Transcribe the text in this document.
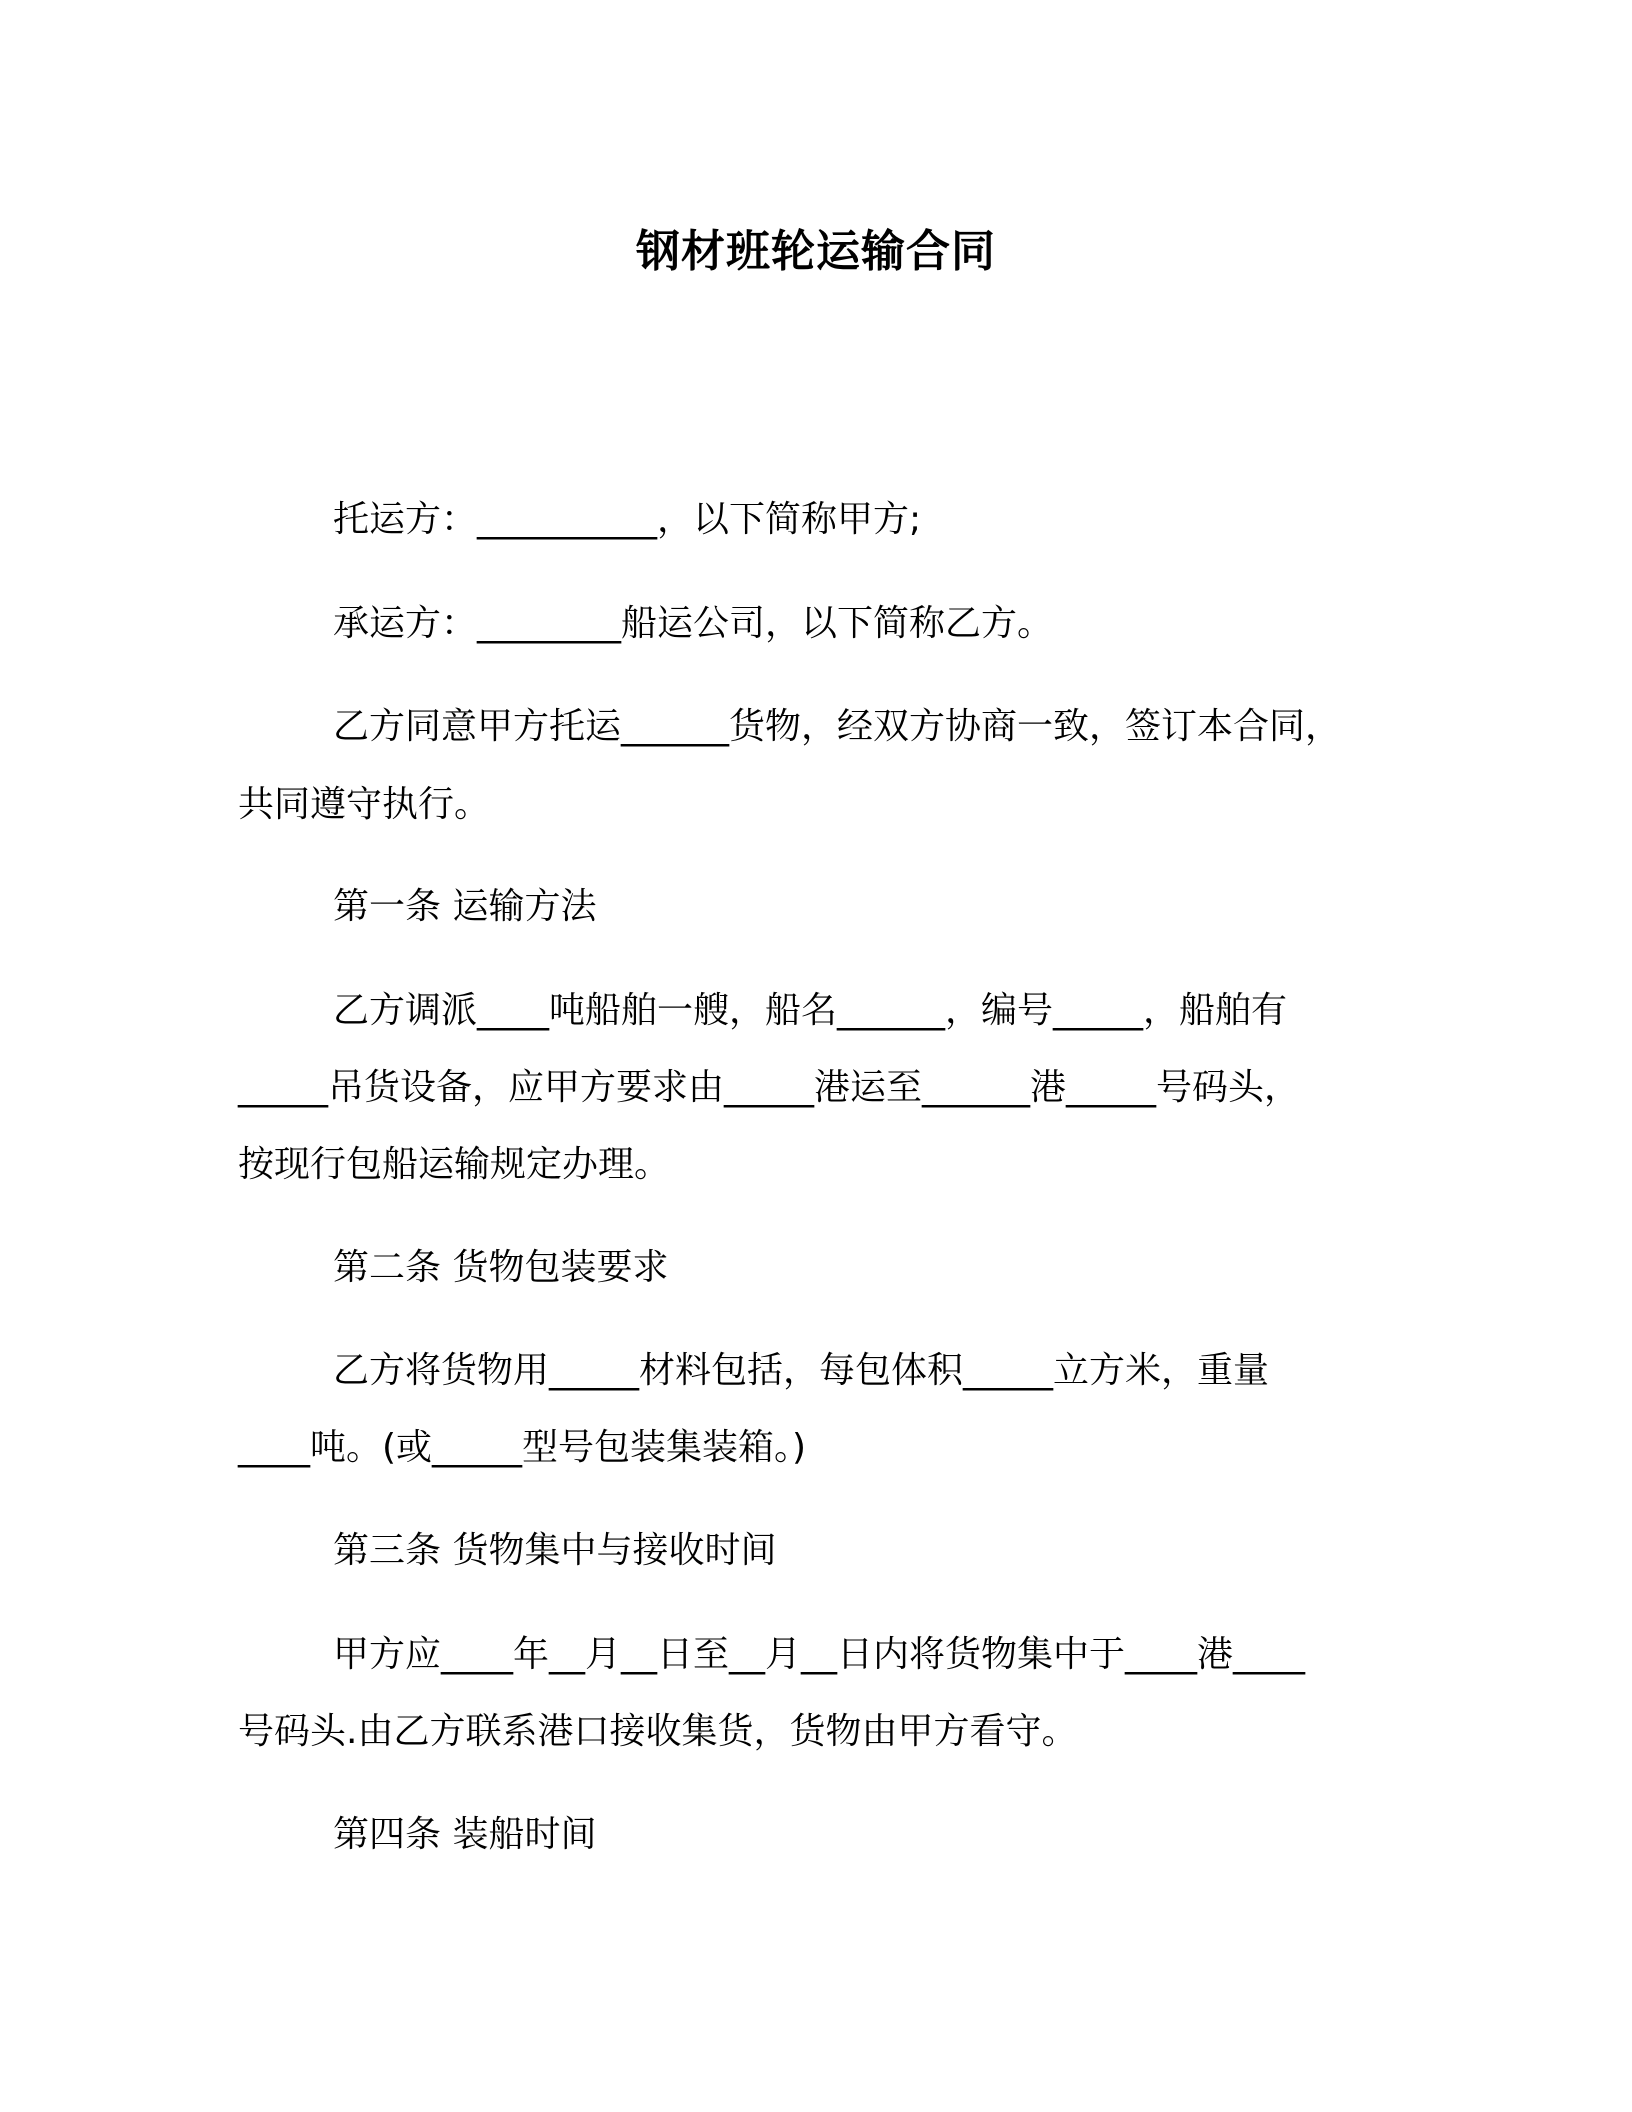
钢材班轮运输合同
托运方：__________，以下简称甲方;
承运方：________船运公司，以下简称乙方。
乙方同意甲方托运______货物，经双方协商一致，签订本合同，
共同遵守执行。
第一条 运输方法
乙方调派____吨船舶一艘，船名______，编号_____，船舶有
_____吊货设备，应甲方要求由_____港运至______港_____号码头，
按现行包船运输规定办理。
第二条 货物包装要求
乙方将货物用_____材料包括，每包体积_____立方米，重量
____吨。(或_____型号包装集装箱。)
第三条 货物集中与接收时间
甲方应____年__月__日至__月__日内将货物集中于____港____
号码头.由乙方联系港口接收集货，货物由甲方看守。
第四条 装船时间
